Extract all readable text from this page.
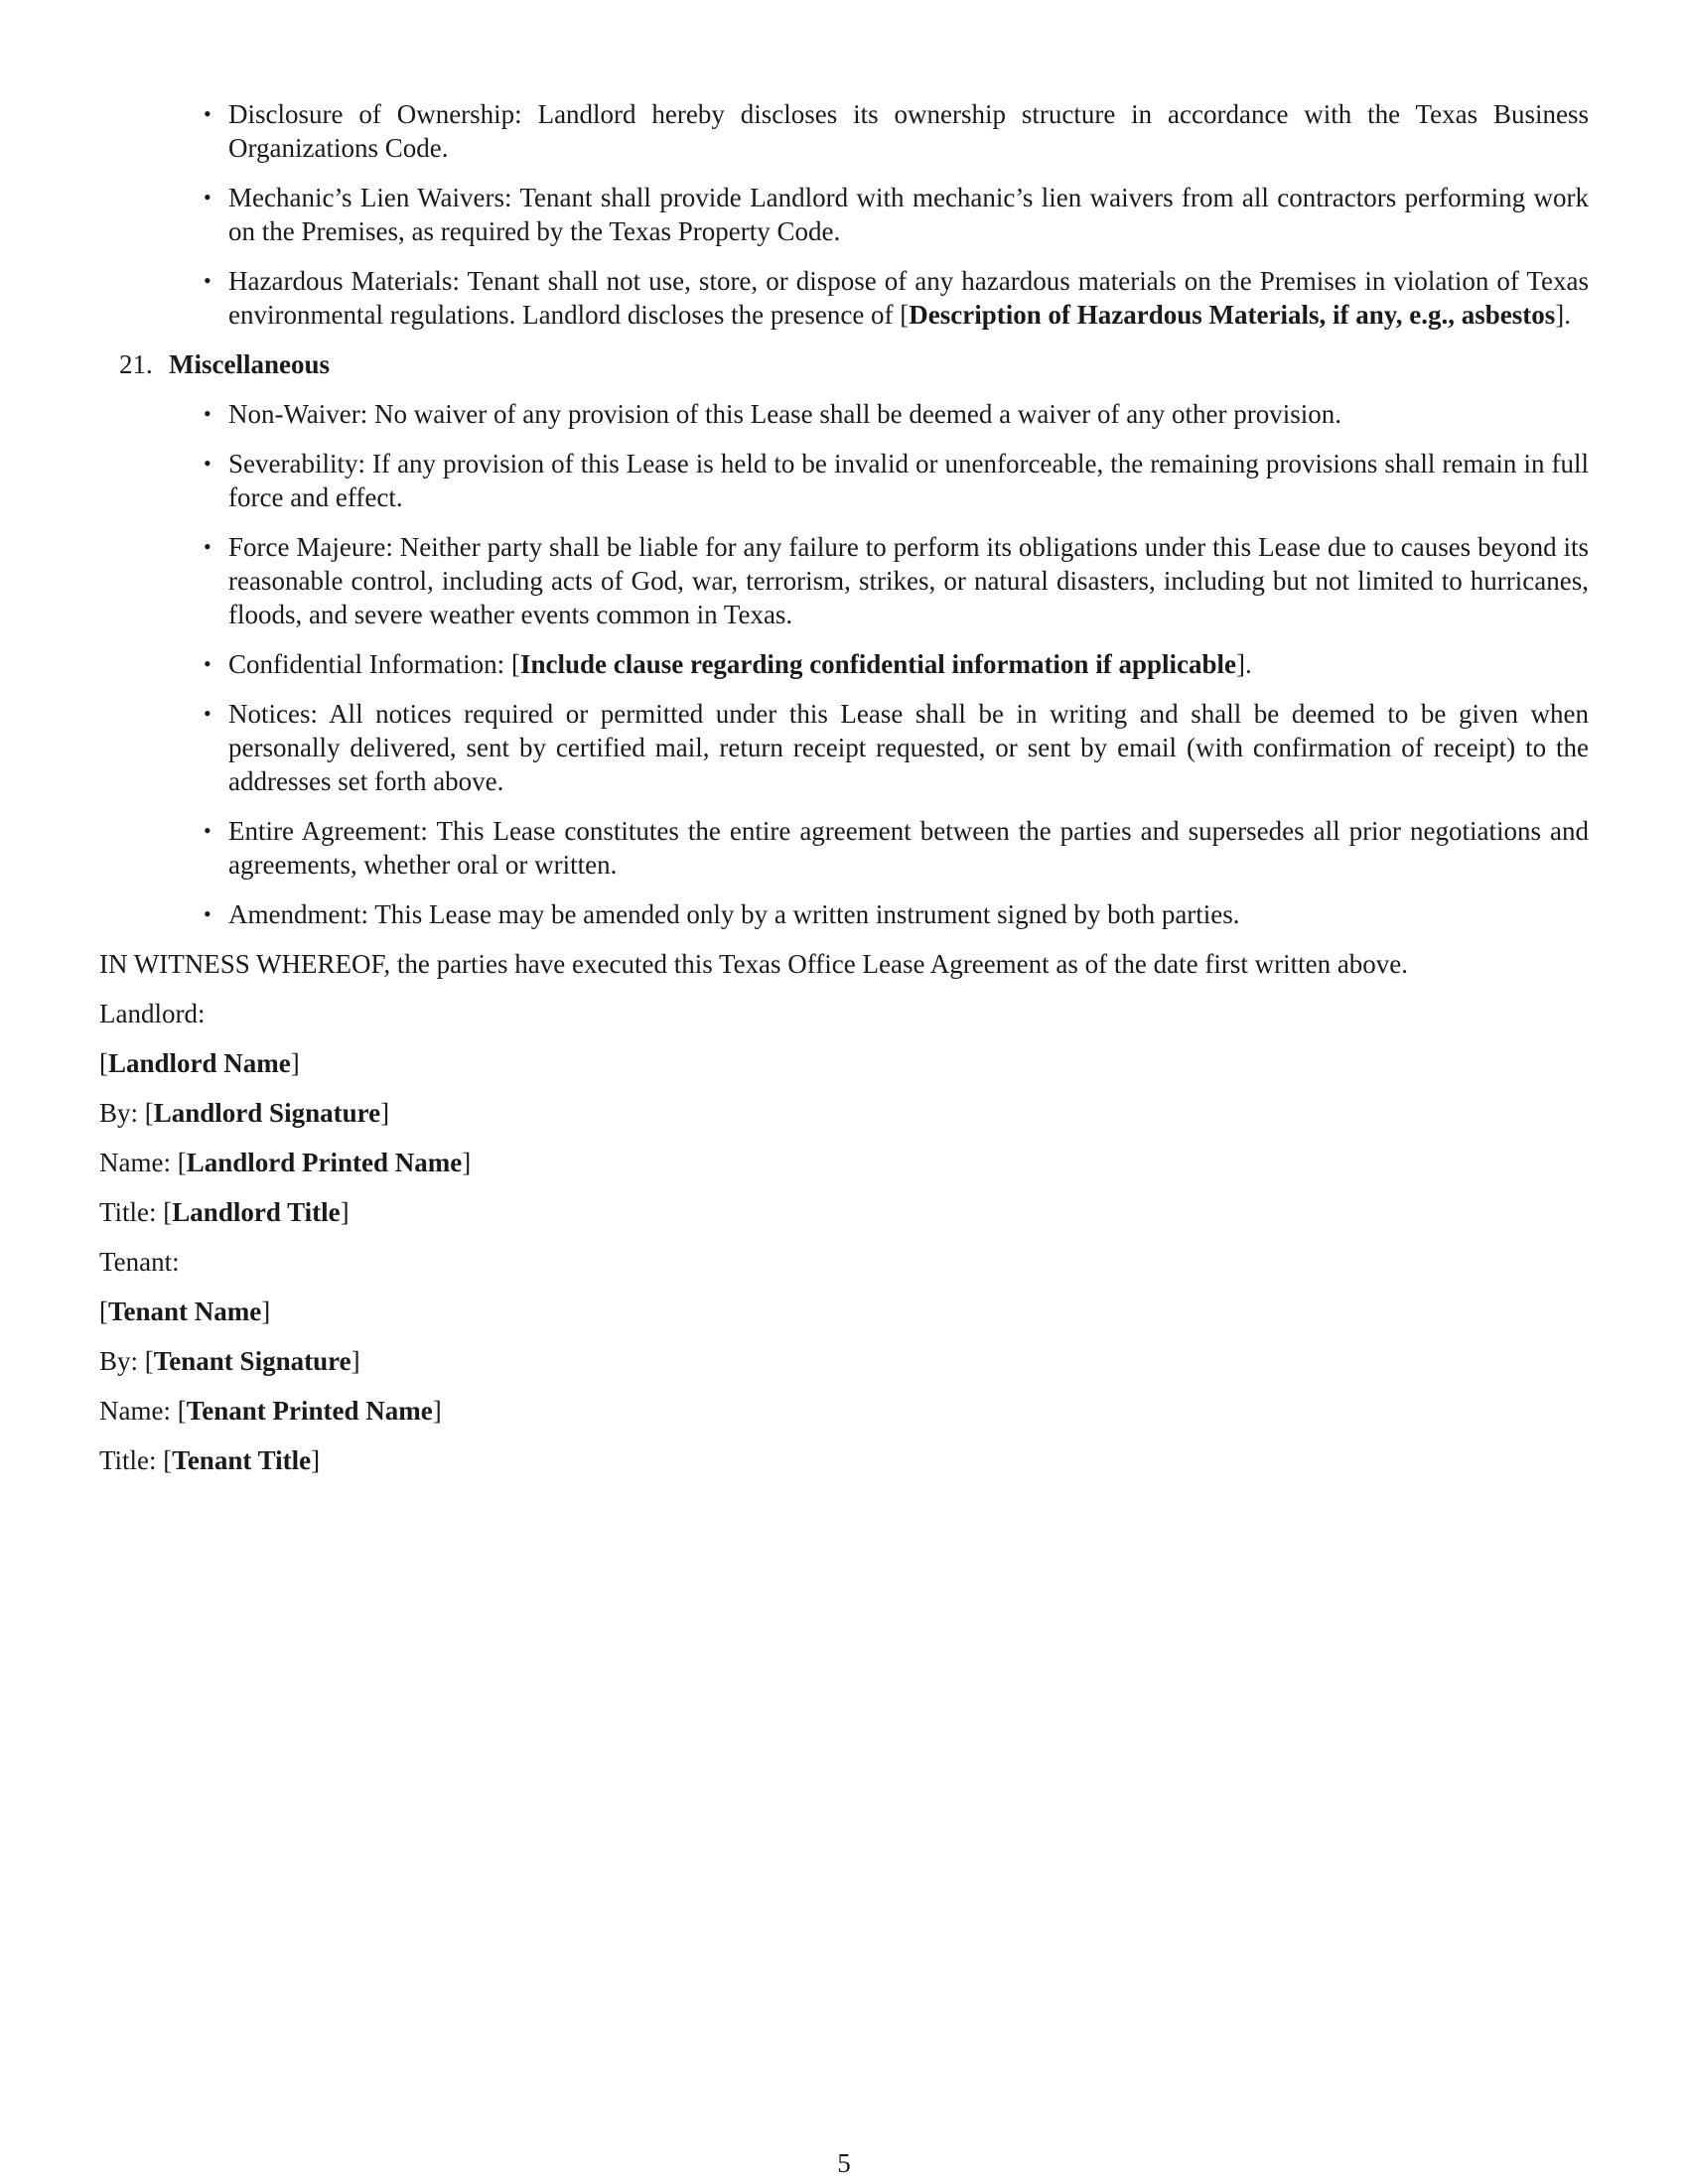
• Disclosure of Ownership: Landlord hereby discloses its ownership structure in accordance with the Texas Business Organizations Code.
• Mechanic’s Lien Waivers: Tenant shall provide Landlord with mechanic’s lien waivers from all contractors performing work on the Premises, as required by the Texas Property Code.
• Hazardous Materials: Tenant shall not use, store, or dispose of any hazardous materials on the Premises in violation of Texas environmental regulations. Landlord discloses the presence of [Description of Hazardous Materials, if any, e.g., asbestos].
21. Miscellaneous
• Non-Waiver: No waiver of any provision of this Lease shall be deemed a waiver of any other provision.
• Severability: If any provision of this Lease is held to be invalid or unenforceable, the remaining provisions shall remain in full force and effect.
• Force Majeure: Neither party shall be liable for any failure to perform its obligations under this Lease due to causes beyond its reasonable control, including acts of God, war, terrorism, strikes, or natural disasters, including but not limited to hurricanes, floods, and severe weather events common in Texas.
• Confidential Information: [Include clause regarding confidential information if applicable].
• Notices: All notices required or permitted under this Lease shall be in writing and shall be deemed to be given when personally delivered, sent by certified mail, return receipt requested, or sent by email (with confirmation of receipt) to the addresses set forth above.
• Entire Agreement: This Lease constitutes the entire agreement between the parties and supersedes all prior negotiations and agreements, whether oral or written.
• Amendment: This Lease may be amended only by a written instrument signed by both parties.

IN WITNESS WHEREOF, the parties have executed this Texas Office Lease Agreement as of the date first written above.

Landlord:

[Landlord Name]

By: [Landlord Signature]

Name: [Landlord Printed Name]

Title: [Landlord Title]

Tenant:

[Tenant Name]

By: [Tenant Signature]

Name: [Tenant Printed Name]

Title: [Tenant Title]

5
